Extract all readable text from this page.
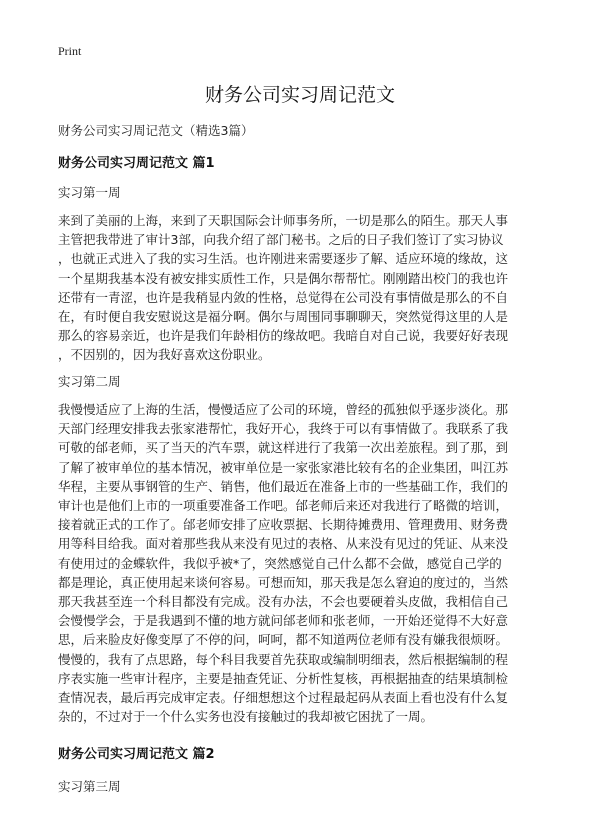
Print
财务公司实习周记范文
财务公司实习周记范文（精选3篇）
财务公司实习周记范文 篇1
实习第一周
来到了美丽的上海，来到了天职国际会计师事务所，一切是那么的陌生。那天人事
主管把我带进了审计3部，向我介绍了部门秘书。之后的日子我们签订了实习协议
，也就正式进入了我的实习生活。也许刚进来需要逐步了解、适应环境的缘故，这
一个星期我基本没有被安排实质性工作，只是偶尔帮帮忙。刚刚踏出校门的我也许
还带有一青涩，也许是我稍显内敛的性格，总觉得在公司没有事情做是那么的不自
在，有时便自我安慰说这是福分啊。偶尔与周围同事聊聊天，突然觉得这里的人是
那么的容易亲近，也许是我们年龄相仿的缘故吧。我暗自对自己说，我要好好表现
，不因别的，因为我好喜欢这份职业。
实习第二周
我慢慢适应了上海的生活，慢慢适应了公司的环境，曾经的孤独似乎逐步淡化。那
天部门经理安排我去张家港帮忙，我好开心，我终于可以有事情做了。我联系了我
可敬的邰老师，买了当天的汽车票，就这样进行了我第一次出差旅程。到了那，到
了解了被审单位的基本情况，被审单位是一家张家港比较有名的企业集团，叫江苏
华程，主要从事钢管的生产、销售，他们最近在准备上市的一些基础工作，我们的
审计也是他们上市的一项重要准备工作吧。邰老师后来还对我进行了略微的培训，
接着就正式的工作了。邰老师安排了应收票据、长期待摊费用、管理费用、财务费
用等科目给我。面对着那些我从来没有见过的表格、从来没有见过的凭证、从来没
有使用过的金蝶软件，我似乎被*了，突然感觉自己什么都不会做，感觉自己学的
都是理论，真正使用起来谈何容易。可想而知，那天我是怎么窘迫的度过的，当然
那天我甚至连一个科目都没有完成。没有办法，不会也要硬着头皮做，我相信自己
会慢慢学会，于是我遇到不懂的地方就问邰老师和张老师，一开始还觉得不大好意
思，后来脸皮好像变厚了不停的问，呵呵，都不知道两位老师有没有嫌我很烦呀。
慢慢的，我有了点思路，每个科目我要首先获取或编制明细表，然后根据编制的程
序表实施一些审计程序，主要是抽查凭证、分析性复核，再根据抽查的结果填制检
查情况表，最后再完成审定表。仔细想想这个过程最起码从表面上看也没有什么复
杂的，不过对于一个什么实务也没有接触过的我却被它困扰了一周。
财务公司实习周记范文 篇2
实习第三周
